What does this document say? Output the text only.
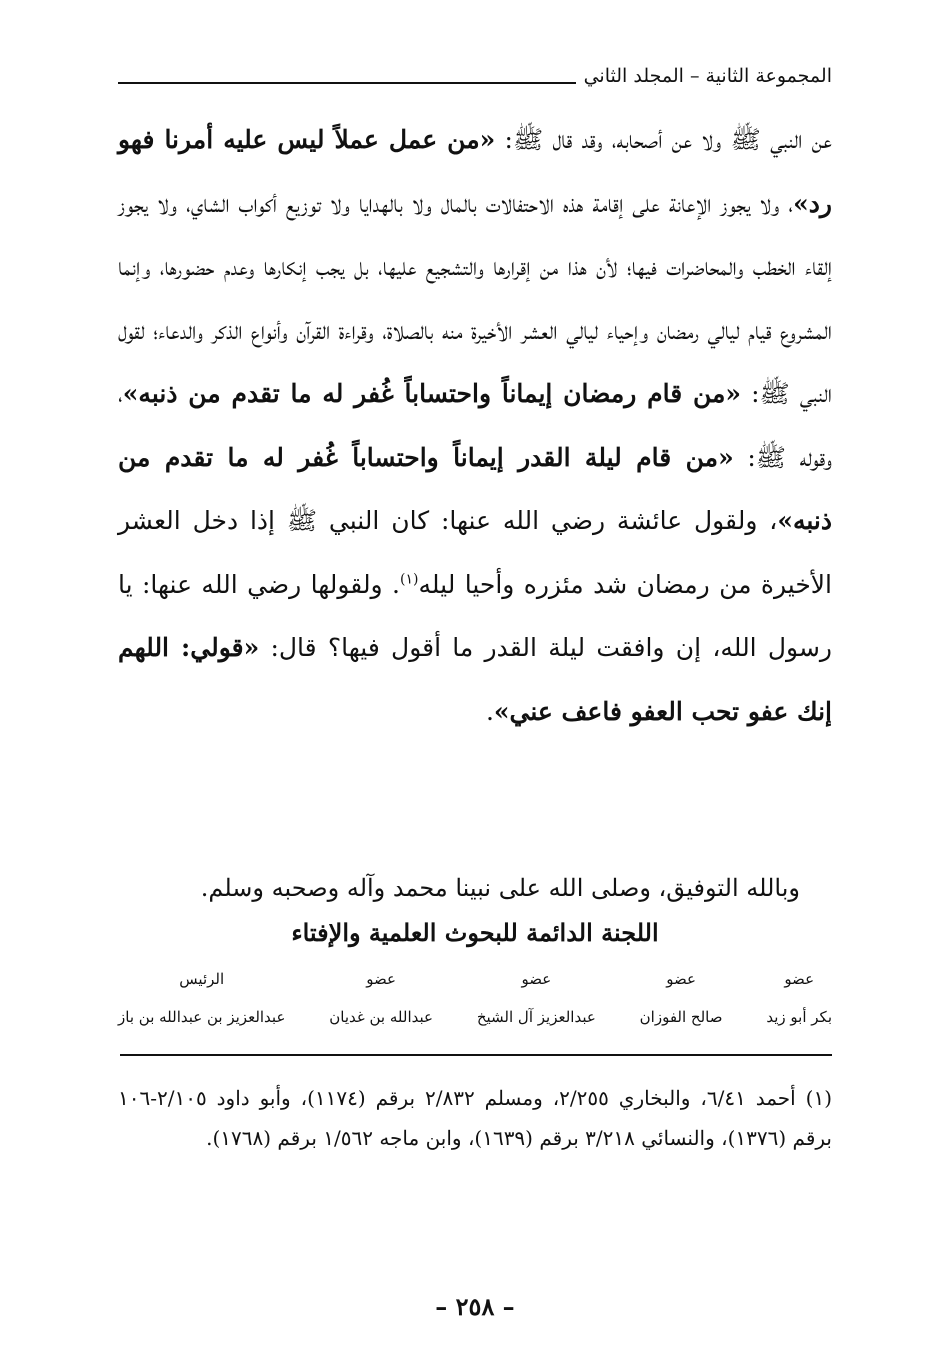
المجموعة الثانية – المجلد الثاني

عن النبي ﷺ ولا عن أصحابه، وقد قال ﷺ: «من عمل عملاً ليس عليه أمرنا فهو رد»، ولا يجوز الإعانة على إقامة هذه الاحتفالات بالمال ولا بالهدايا ولا توزيع أكواب الشاي، ولا يجوز إلقاء الخطب والمحاضرات فيها؛ لأن هذا من إقرارها والتشجيع عليها، بل يجب إنكارها وعدم حضورها، وإنما المشروع قيام ليالي رمضان وإحياء ليالي العشر الأخيرة منه بالصلاة، وقراءة القرآن وأنواع الذكر والدعاء؛ لقول النبي ﷺ: «من قام رمضان إيماناً واحتساباً غُفر له ما تقدم من ذنبه»، وقوله ﷺ: «من قام ليلة القدر إيماناً واحتساباً غُفر له ما تقدم من ذنبه»، ولقول عائشة رضي الله عنها: كان النبي ﷺ إذا دخل العشر الأخيرة من رمضان شد مئزره وأحيا ليله$^{(١)}$. ولقولها رضي الله عنها: يا رسول الله، إن وافقت ليلة القدر ما أقول فيها؟ قال: «قولي: اللهم إنك عفو تحب العفو فاعف عني».

وبالله التوفيق، وصلى الله على نبينا محمد وآله وصحبه وسلم.
اللجنة الدائمة للبحوث العلمية والإفتاء
عضو
بكر أبو زيد
عضو
صالح الفوزان
عضو
عبدالعزيز آل الشيخ
عضو
عبدالله بن غديان
الرئيس
عبدالعزيز بن عبدالله بن باز

(١) أحمد ٦/٤١، والبخاري ٢/٢٥٥، ومسلم ٢/٨٣٢ برقم (١١٧٤)، وأبو داود ٢/١٠٥-١٠٦ برقم (١٣٧٦)، والنسائي ٣/٢١٨ برقم (١٦٣٩)، وابن ماجه ١/٥٦٢ برقم (١٧٦٨).

– ٢٥٨ –
